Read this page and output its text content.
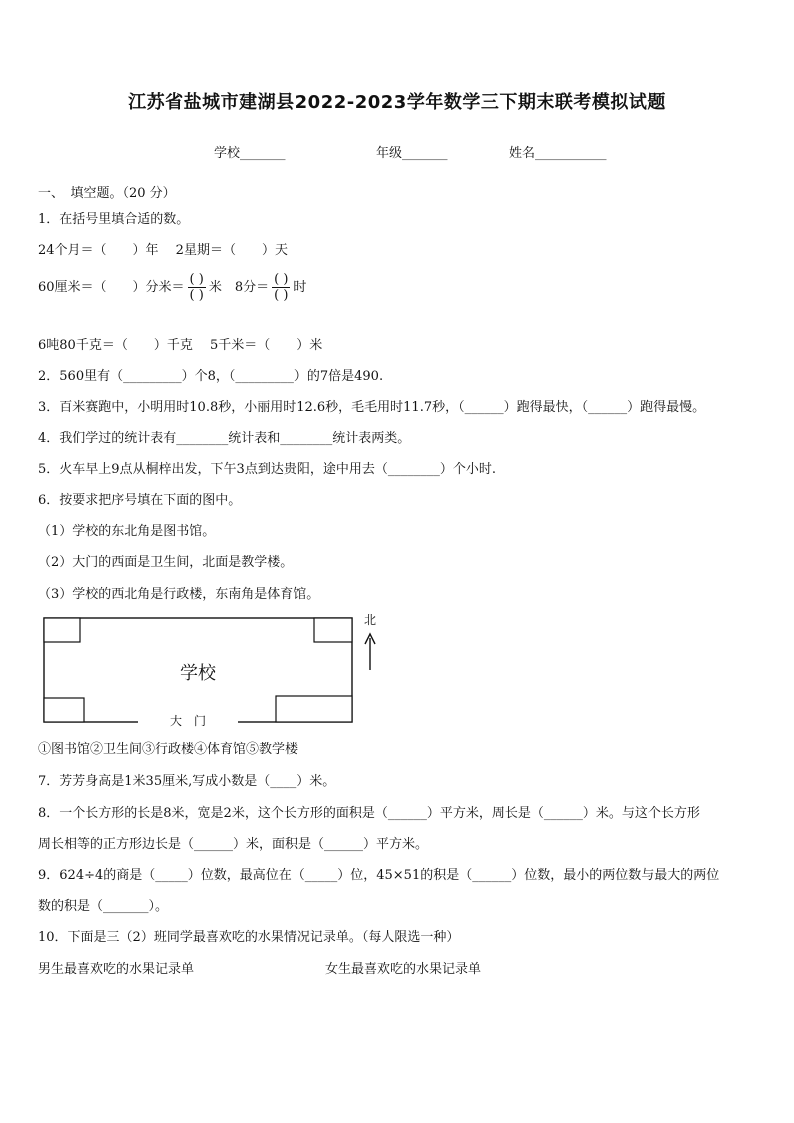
江苏省盐城市建湖县2022-2023学年数学三下期末联考模拟试题
学校_______	年级_______	姓名___________
一、　填空题。（20 分）
1．在括号里填合适的数。
24个月＝（　　）年　 2星期＝（　　）天
60厘米＝（　　）分米＝ $\frac{( )}{( )}$ 米　8分＝ $\frac{( )}{( )}$ 时
6吨80千克＝（　　）千克　 5千米＝（　　）米
2．560里有（_________）个8，（_________）的7倍是490.
3．百米赛跑中，小明用时10.8秒，小丽用时12.6秒，毛毛用时11.7秒，（______）跑得最快，（______）跑得最慢。
4．我们学过的统计表有________统计表和________统计表两类。
5．火车早上9点从桐梓出发，下午3点到达贵阳，途中用去（________）个小时.
6．按要求把序号填在下面的图中。
（1）学校的东北角是图书馆。
（2）大门的西面是卫生间，北面是教学楼。
（3）学校的西北角是行政楼，东南角是体育馆。
学校
大　门
北
①图书馆②卫生间③行政楼④体育馆⑤教学楼
7．芳芳身高是1米35厘米,写成小数是（____）米。
8．一个长方形的长是8米，宽是2米，这个长方形的面积是（______）平方米，周长是（______）米。与这个长方形
周长相等的正方形边长是（______）米，面积是（______）平方米。
9．624÷4的商是（_____）位数，最高位在（_____）位，45×51的积是（______）位数，最小的两位数与最大的两位
数的积是（_______）。
10．下面是三（2）班同学最喜欢吃的水果情况记录单。（每人限选一种）
男生最喜欢吃的水果记录单	女生最喜欢吃的水果记录单
